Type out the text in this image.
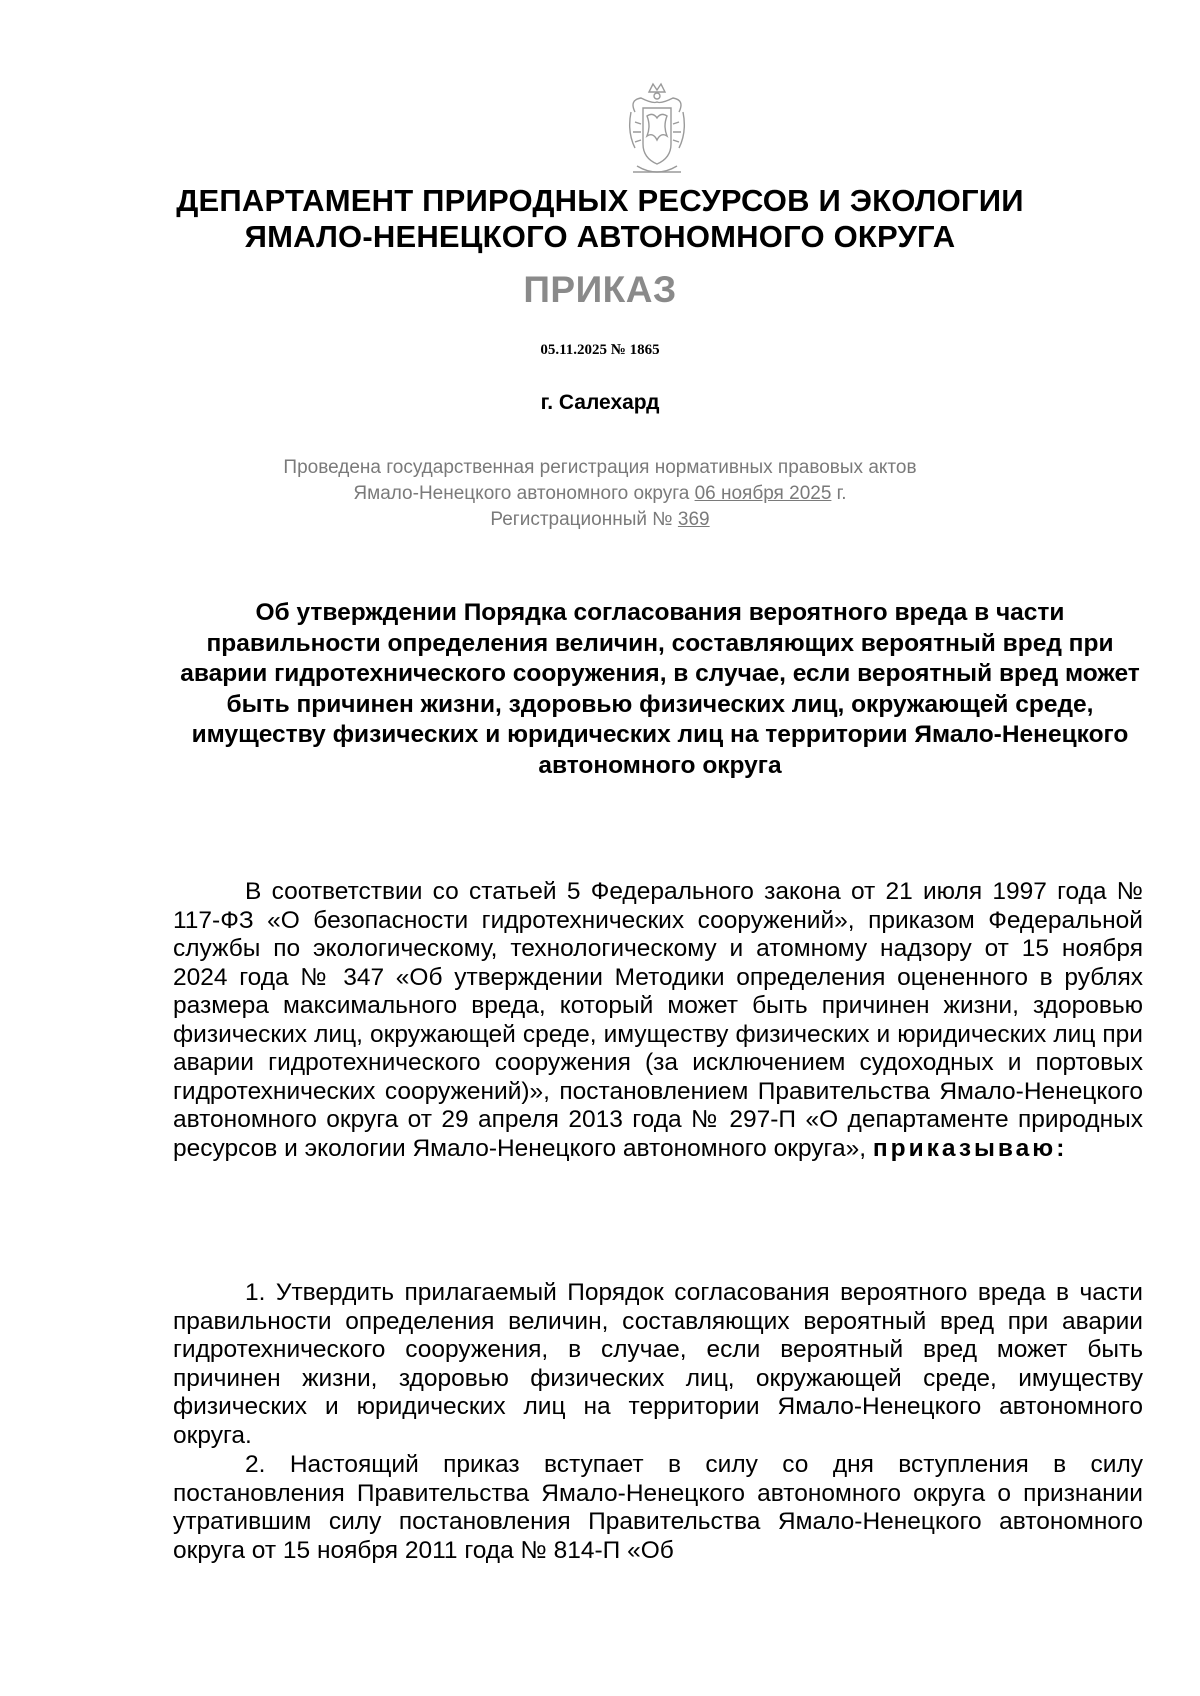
ДЕПАРТАМЕНТ ПРИРОДНЫХ РЕСУРСОВ И ЭКОЛОГИИ
ЯМАЛО-НЕНЕЦКОГО АВТОНОМНОГО ОКРУГА
ПРИКАЗ
05.11.2025 № 1865
г. Салехард
Проведена государственная регистрация нормативных правовых актов
Ямало-Ненецкого автономного округа 06 ноября 2025 г.
Регистрационный № 369
Об утверждении Порядка согласования вероятного вреда в части правильности определения величин, составляющих вероятный вред при аварии гидротехнического сооружения, в случае, если вероятный вред может быть причинен жизни, здоровью физических лиц, окружающей среде, имуществу физических и юридических лиц на территории Ямало-Ненецкого автономного округа

В соответствии со статьей 5 Федерального закона от 21 июля 1997 года № 117-ФЗ «О безопасности гидротехнических сооружений», приказом Федеральной службы по экологическому, технологическому и атомному надзору от 15 ноября 2024 года № 347 «Об утверждении Методики определения оцененного в рублях размера максимального вреда, который может быть причинен жизни, здоровью физических лиц, окружающей среде, имуществу физических и юридических лиц при аварии гидротехнического сооружения (за исключением судоходных и портовых гидротехнических сооружений)», постановлением Правительства Ямало-Ненецкого автономного округа от 29 апреля 2013 года № 297-П «О департаменте природных ресурсов и экологии Ямало-Ненецкого автономного округа», приказываю:

1. Утвердить прилагаемый Порядок согласования вероятного вреда в части правильности определения величин, составляющих вероятный вред при аварии гидротехнического сооружения, в случае, если вероятный вред может быть причинен жизни, здоровью физических лиц, окружающей среде, имуществу физических и юридических лиц на территории Ямало-Ненецкого автономного округа.

2. Настоящий приказ вступает в силу со дня вступления в силу постановления Правительства Ямало-Ненецкого автономного округа о признании утратившим силу постановления Правительства Ямало-Ненецкого автономного округа от 15 ноября 2011 года № 814-П «Об
